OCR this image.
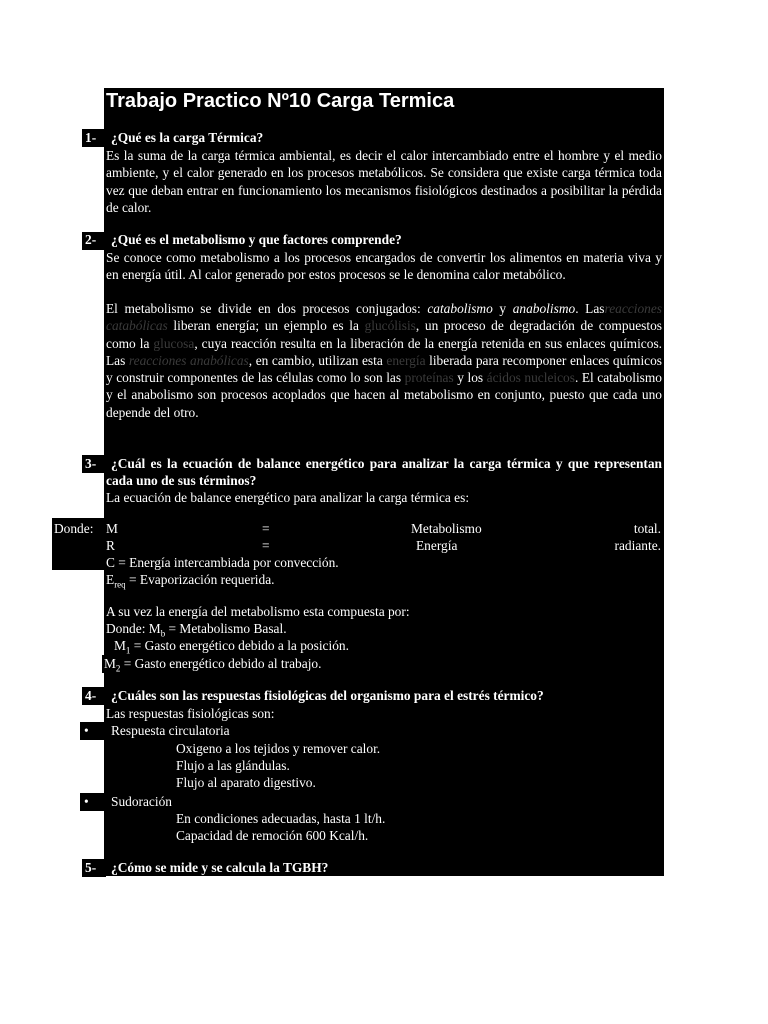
Trabajo Practico Nº10 Carga Termica
1- ¿Qué es la carga Térmica?
Es la suma de la carga térmica ambiental, es decir el calor intercambiado entre el hombre y el medio ambiente, y el calor generado en los procesos metabólicos. Se considera que existe carga térmica toda vez que deban entrar en funcionamiento los mecanismos fisiológicos destinados a posibilitar la pérdida de calor.
2- ¿Qué es el metabolismo y que factores comprende?
Se conoce como metabolismo a los procesos encargados de convertir los alimentos en materia viva y en energía útil. Al calor generado por estos procesos se le denomina calor metabólico.
El metabolismo se divide en dos procesos conjugados: catabolismo y anabolismo. Lasreacciones catabólicas liberan energía; un ejemplo es la glucólisis, un proceso de degradación de compuestos como la glucosa, cuya reacción resulta en la liberación de la energía retenida en sus enlaces químicos. Las reacciones anabólicas, en cambio, utilizan esta energía liberada para recomponer enlaces químicos y construir componentes de las células como lo son las proteínas y los ácidos nucleicos. El catabolismo y el anabolismo son procesos acoplados que hacen al metabolismo en conjunto, puesto que cada uno depende del otro.
3-	¿Cuál es la ecuación de balance energético para analizar la carga térmica y que representan cada uno de sus términos?
La ecuación de balance energético para analizar la carga térmica es:
Donde: M	=	Metabolismo	total.
R	=	Energía	radiante.
C = Energía intercambiada por convección.
$E_{req}$ = Evaporización requerida.
A su vez la energía del metabolismo esta compuesta por:
Donde: $M_b$ = Metabolismo Basal.
$M_1$ = Gasto energético debido a la posición.
$M_2$ = Gasto energético debido al trabajo.
4- ¿Cuáles son las respuestas fisiológicas del organismo para el estrés térmico?
Las respuestas fisiológicas son:
• Respuesta circulatoria
Oxigeno a los tejidos y remover calor.
Flujo a las glándulas.
Flujo al aparato digestivo.
• Sudoración
En condiciones adecuadas, hasta 1 lt/h.
Capacidad de remoción 600 Kcal/h.
5- ¿Cómo se mide y se calcula la TGBH?
